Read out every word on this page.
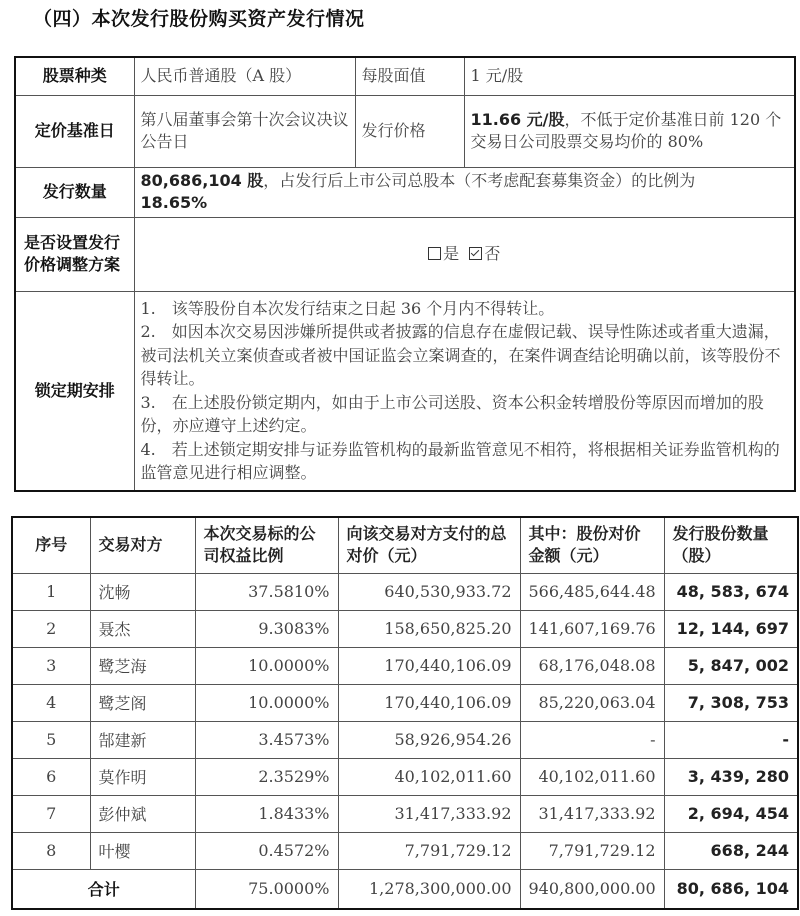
（四）本次发行股份购买资产发行情况
股票种类	人民币普通股（A 股）	每股面值	1 元/股
定价基准日	第八届董事会第十次会议决议公告日	发行价格	11.66 元/股，不低于定价基准日前 120 个交易日公司股票交易均价的 80%
发行数量	80,686,104 股，占发行后上市公司总股本（不考虑配套募集资金）的比例为
18.65%		
是否设置发行价格调整方案	是 否		
锁定期安排	1.　该等股份自本次发行结束之日起 36 个月内不得转让。
2.　如因本次交易因涉嫌所提供或者披露的信息存在虚假记载、误导性陈述或者重大遗漏，被司法机关立案侦查或者被中国证监会立案调查的，在案件调查结论明确以前，该等股份不得转让。
3.　在上述股份锁定期内，如由于上市公司送股、资本公积金转增股份等原因而增加的股份，亦应遵守上述约定。
4.　若上述锁定期安排与证券监管机构的最新监管意见不相符，将根据相关证券监管机构的监管意见进行相应调整。		
序号	交易对方	本次交易标的公司权益比例	向该交易对方支付的总对价（元）	其中：股份对价金额（元）	发行股份数量（股）
1	沈畅	37.5810%	640,530,933.72	566,485,644.48	48, 583, 674
2	聂杰	9.3083%	158,650,825.20	141,607,169.76	12, 144, 697
3	鹭芝海	10.0000%	170,440,106.09	68,176,048.08	5, 847, 002
4	鹭芝阁	10.0000%	170,440,106.09	85,220,063.04	7, 308, 753
5	郜建新	3.4573%	58,926,954.26	-	-
6	莫作明	2.3529%	40,102,011.60	40,102,011.60	3, 439, 280
7	彭仲斌	1.8433%	31,417,333.92	31,417,333.92	2, 694, 454
8	叶樱	0.4572%	7,791,729.12	7,791,729.12	668, 244
合计		75.0000%	1,278,300,000.00	940,800,000.00	80, 686, 104
